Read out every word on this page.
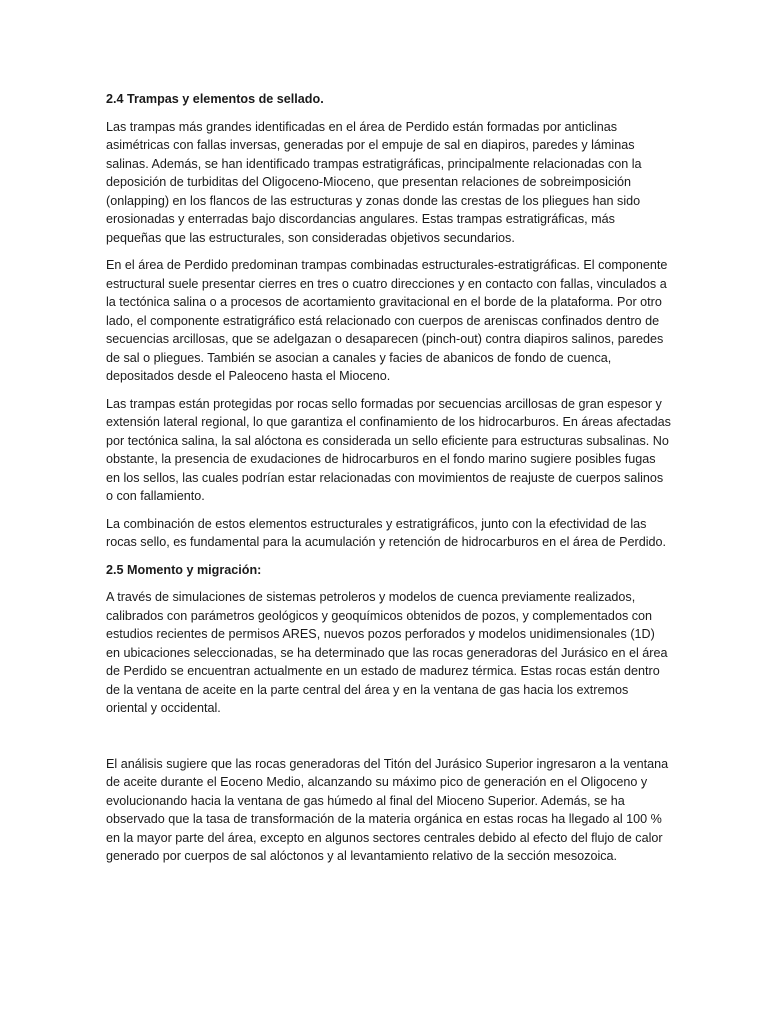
2.4 Trampas y elementos de sellado.

Las trampas más grandes identificadas en el área de Perdido están formadas por anticlinas asimétricas con fallas inversas, generadas por el empuje de sal en diapiros, paredes y láminas salinas. Además, se han identificado trampas estratigráficas, principalmente relacionadas con la deposición de turbiditas del Oligoceno-Mioceno, que presentan relaciones de sobreimposición (onlapping) en los flancos de las estructuras y zonas donde las crestas de los pliegues han sido erosionadas y enterradas bajo discordancias angulares. Estas trampas estratigráficas, más pequeñas que las estructurales, son consideradas objetivos secundarios.

En el área de Perdido predominan trampas combinadas estructurales-estratigráficas. El componente estructural suele presentar cierres en tres o cuatro direcciones y en contacto con fallas, vinculados a la tectónica salina o a procesos de acortamiento gravitacional en el borde de la plataforma. Por otro lado, el componente estratigráfico está relacionado con cuerpos de areniscas confinados dentro de secuencias arcillosas, que se adelgazan o desaparecen (pinch-out) contra diapiros salinos, paredes de sal o pliegues. También se asocian a canales y facies de abanicos de fondo de cuenca, depositados desde el Paleoceno hasta el Mioceno.

Las trampas están protegidas por rocas sello formadas por secuencias arcillosas de gran espesor y extensión lateral regional, lo que garantiza el confinamiento de los hidrocarburos. En áreas afectadas por tectónica salina, la sal alóctona es considerada un sello eficiente para estructuras subsalinas. No obstante, la presencia de exudaciones de hidrocarburos en el fondo marino sugiere posibles fugas en los sellos, las cuales podrían estar relacionadas con movimientos de reajuste de cuerpos salinos o con fallamiento.

La combinación de estos elementos estructurales y estratigráficos, junto con la efectividad de las rocas sello, es fundamental para la acumulación y retención de hidrocarburos en el área de Perdido.

2.5 Momento y migración:

A través de simulaciones de sistemas petroleros y modelos de cuenca previamente realizados, calibrados con parámetros geológicos y geoquímicos obtenidos de pozos, y complementados con estudios recientes de permisos ARES, nuevos pozos perforados y modelos unidimensionales (1D) en ubicaciones seleccionadas, se ha determinado que las rocas generadoras del Jurásico en el área de Perdido se encuentran actualmente en un estado de madurez térmica. Estas rocas están dentro de la ventana de aceite en la parte central del área y en la ventana de gas hacia los extremos oriental y occidental.

El análisis sugiere que las rocas generadoras del Titón del Jurásico Superior ingresaron a la ventana de aceite durante el Eoceno Medio, alcanzando su máximo pico de generación en el Oligoceno y evolucionando hacia la ventana de gas húmedo al final del Mioceno Superior. Además, se ha observado que la tasa de transformación de la materia orgánica en estas rocas ha llegado al 100 % en la mayor parte del área, excepto en algunos sectores centrales debido al efecto del flujo de calor generado por cuerpos de sal alóctonos y al levantamiento relativo de la sección mesozoica.
